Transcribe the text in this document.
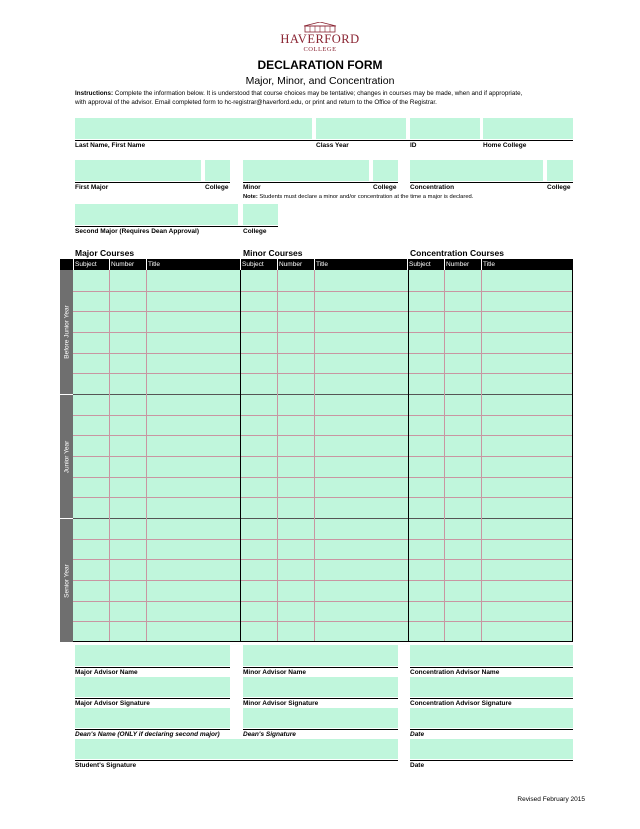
HAVERFORD
COLLEGE
DECLARATION FORM
Major, Minor, and Concentration
Instructions: Complete the information below. It is understood that course choices may be tentative; changes in courses may be made, when and if appropriate,
with approval of the advisor. Email completed form to hc-registrar@haverford.edu, or print and return to the Office of the Registrar.
Last Name, First Name	Class Year	ID	Home College
First Major	College Minor	College Concentration	College
Note: Students must declare a minor and/or concentration at the time a major is declared.
Second Major (Requires Dean Approval)	College
Major Courses	Minor Courses	Concentration Courses
Subject	Number	Title	Subject	Number	Title	Subject	Number	Title
Before Junior Year
Junior Year
Senior Year
Major Advisor Name	Minor Advisor Name	Concentration Advisor Name
Major Advisor Signature	Minor Advisor Signature	Concentration Advisor Signature
Dean's Name (ONLY if declaring second major)	Dean's Signature	Date
Student's Signature	Date
Revised February 2015
